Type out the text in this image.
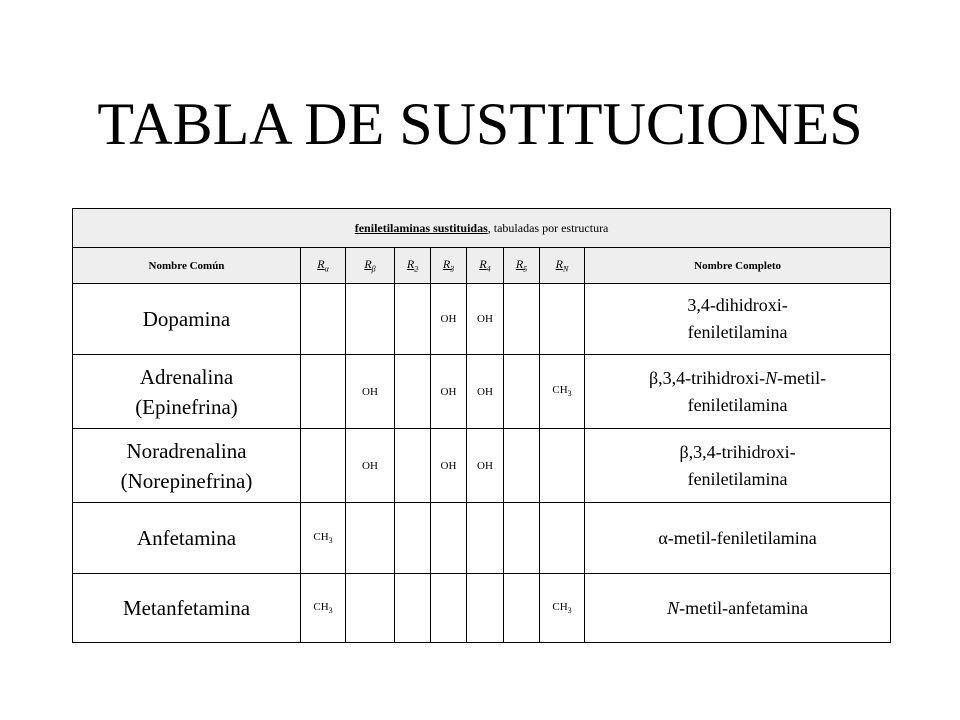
TABLA DE SUSTITUCIONES
feniletilaminas sustituidas, tabuladas por estructura								
Nombre Común	$R_\alpha$	$R_\beta$	$R_2$	$R_3$	$R_4$	$R_5$	$R_N$	Nombre Completo
Dopamina				OH	OH			3,4-dihidroxi-
feniletilamina
Adrenalina
(Epinefrina)		OH		OH	OH		$CH_3$	β,3,4-trihidroxi-N-metil-
feniletilamina
Noradrenalina
(Norepinefrina)		OH		OH	OH			β,3,4-trihidroxi-
feniletilamina
Anfetamina	$CH_3$							α-metil-feniletilamina
Metanfetamina	$CH_3$						$CH_3$	N-metil-anfetamina
